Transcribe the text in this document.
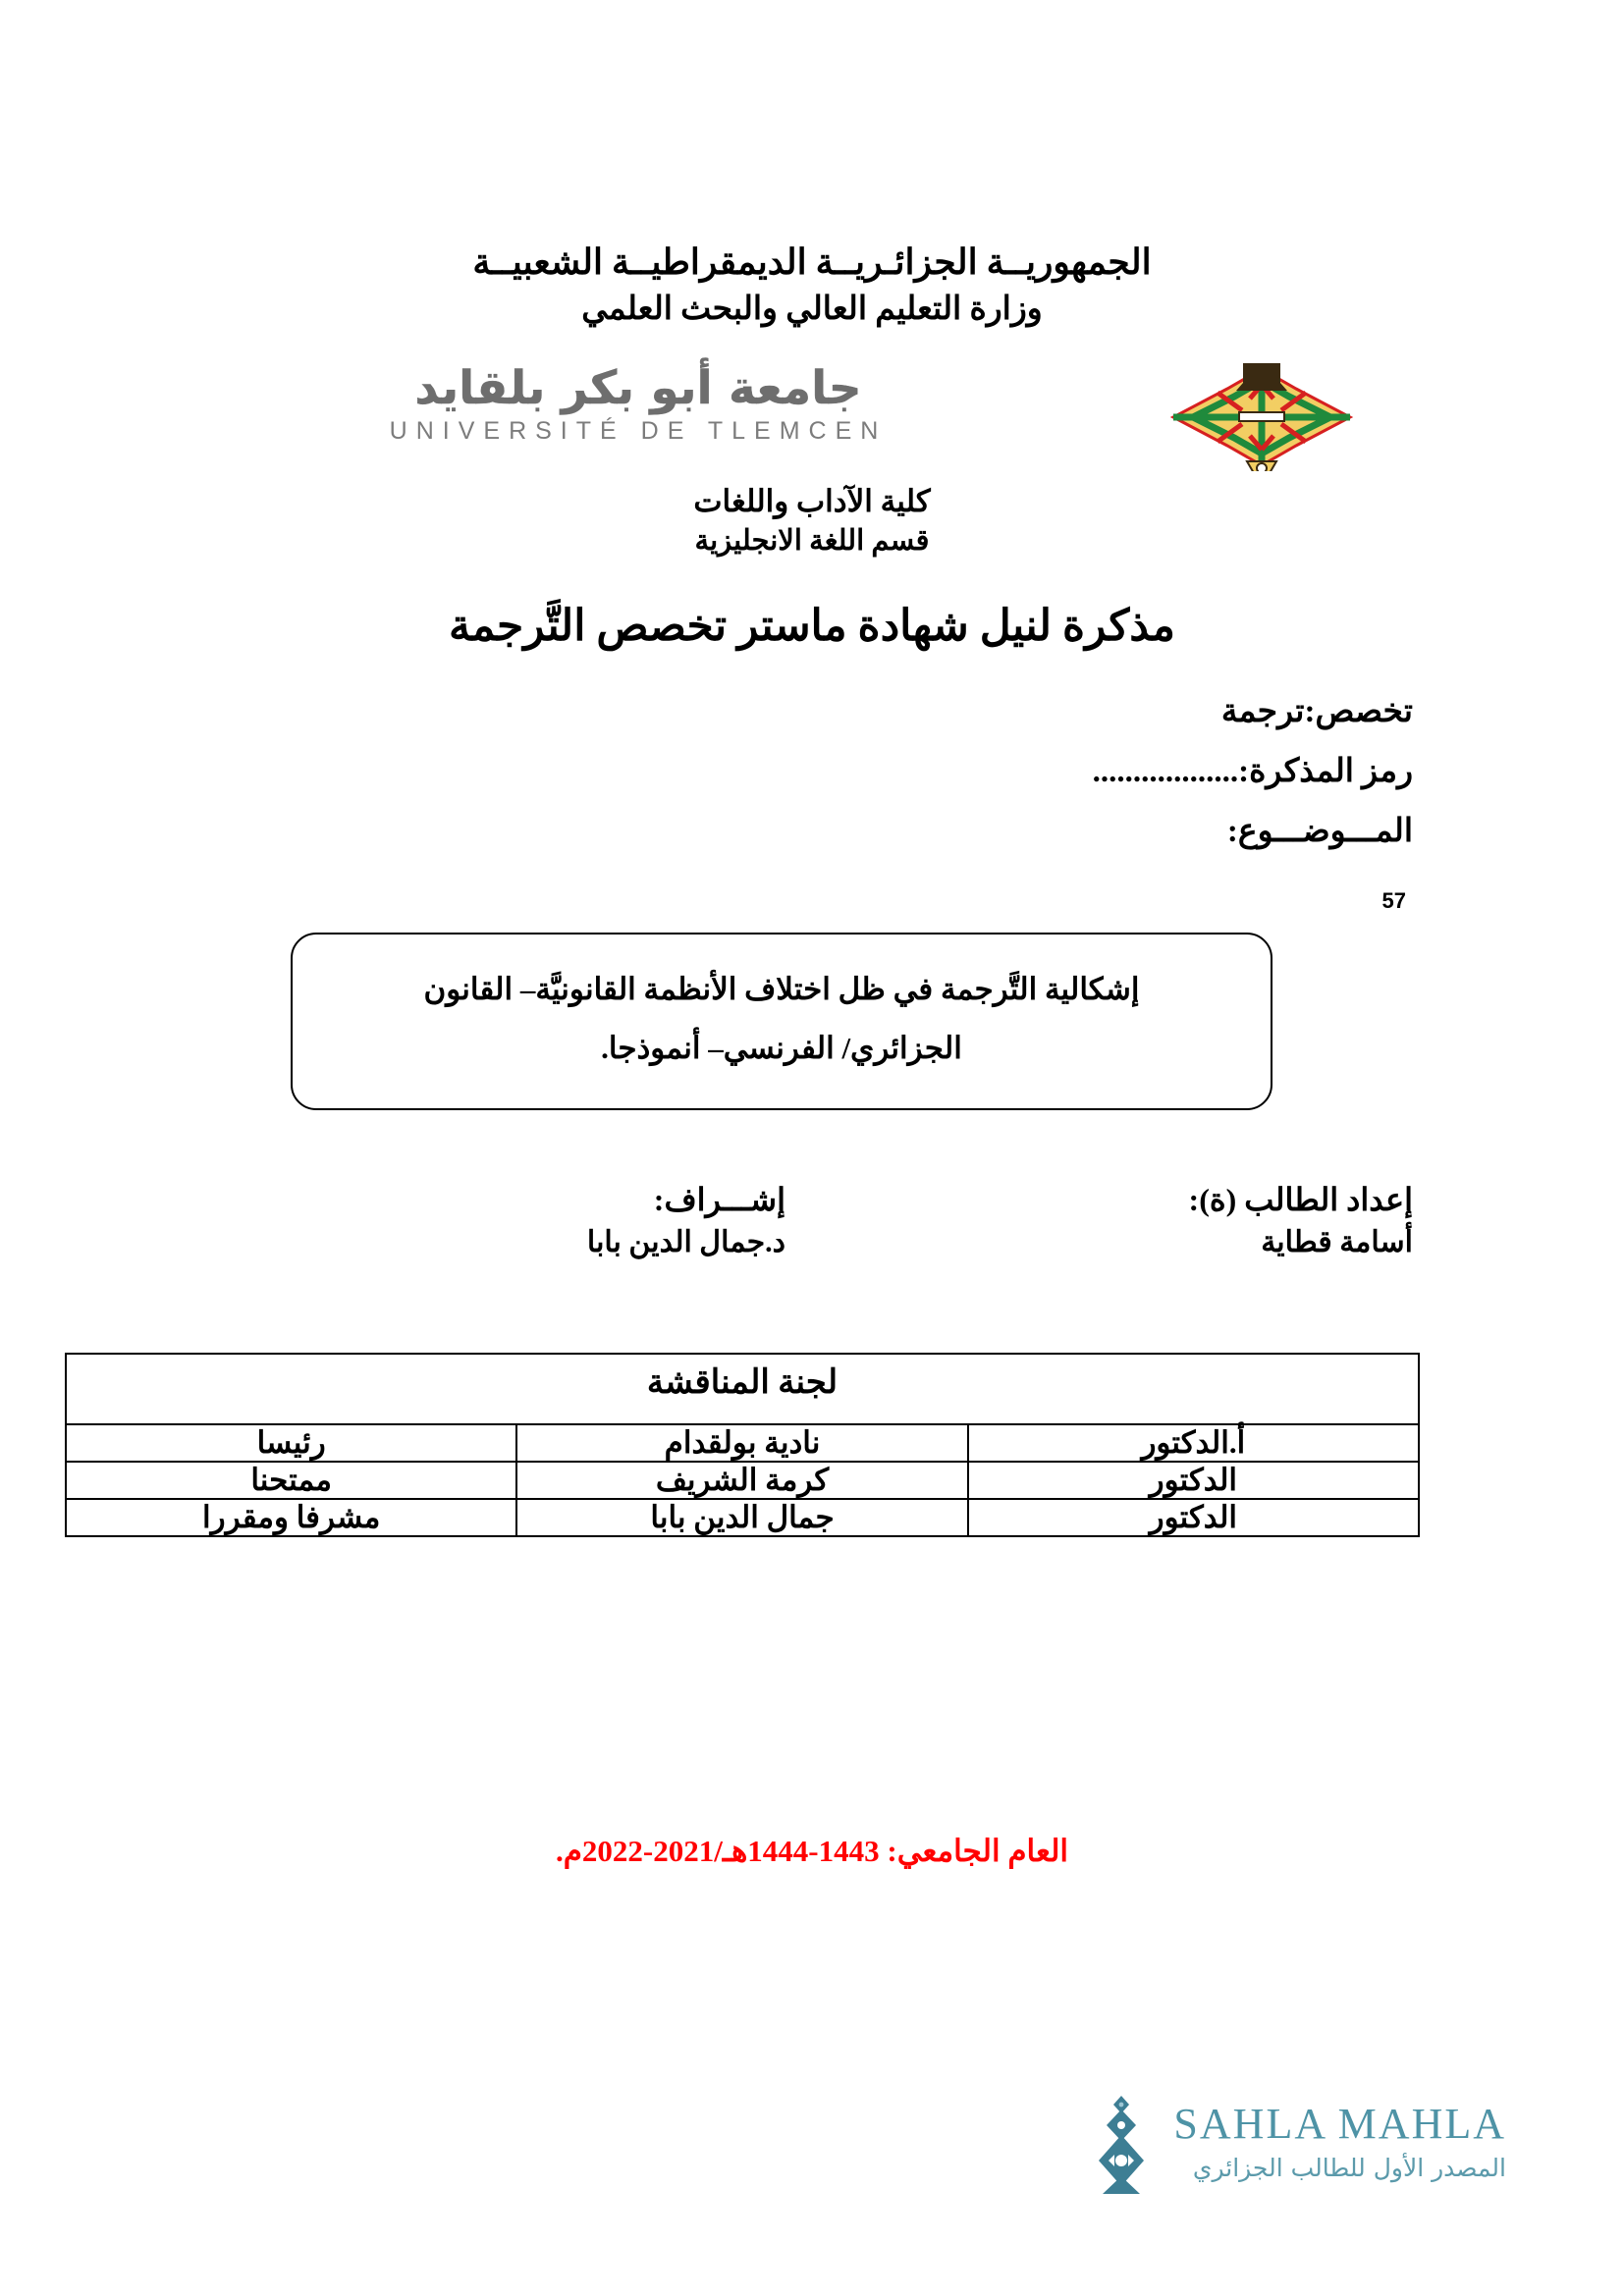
الجمهوريــة الجزائـريــة الديمقراطيــة الشعبيــة
وزارة التعليم العالي والبحث العلمي
جامعة أبو بكر بلقايد
UNIVERSITÉ DE TLEMCEN
كلية الآداب واللغات
قسم اللغة الانجليزية
مذكرة لنيل شهادة ماستر تخصص التَّرجمة
تخصص:ترجمة
رمز المذكرة:..................
المـــوضـــوع:
57
إشكالية التَّرجمة في ظل اختلاف الأنظمة القانونيَّة– القانون
الجزائري/ الفرنسي– أنموذجا.
إعداد الطالب (ة):
أسامة قطاية
إشـــراف:
د.جمال الدين بابا
لجنة المناقشة		
أ.الدكتور	نادية بولقدام	رئيسا
الدكتور	كرمة الشريف	ممتحنا
الدكتور	جمال الدين بابا	مشرفا ومقررا
العام الجامعي: 1443-1444هـ/2021-2022م.
SAHLA MAHLA
المصدر الأول للطالب الجزائري
